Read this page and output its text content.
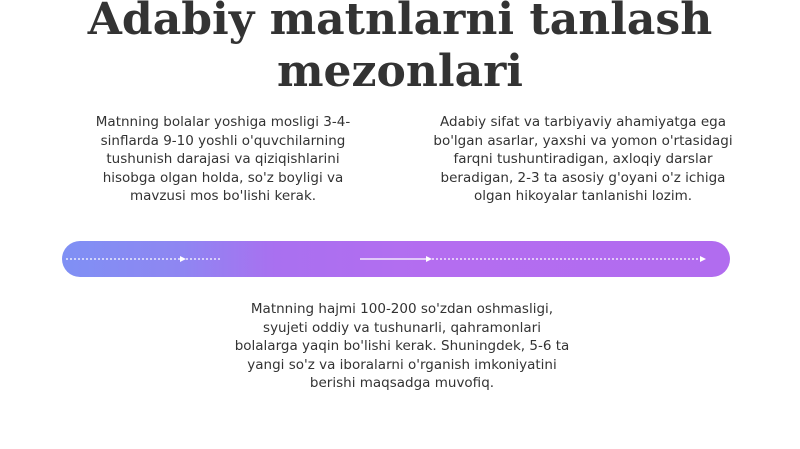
Adabiy matnlarni tanlash
mezonlari

Matnning bolalar yoshiga mosligi 3-4-
sinflarda 9-10 yoshli o'quvchilarning
tushunish darajasi va qiziqishlarini
hisobga olgan holda, so'z boyligi va
mavzusi mos bo'lishi kerak.

Adabiy sifat va tarbiyaviy ahamiyatga ega
bo'lgan asarlar, yaxshi va yomon o'rtasidagi
farqni tushuntiradigan, axloqiy darslar
beradigan, 2-3 ta asosiy g'oyani o'z ichiga
olgan hikoyalar tanlanishi lozim.

Matnning hajmi 100-200 so'zdan oshmasligi,
syujeti oddiy va tushunarli, qahramonlari
bolalarga yaqin bo'lishi kerak. Shuningdek, 5-6 ta
yangi so'z va iboralarni o'rganish imkoniyatini
berishi maqsadga muvofiq.
